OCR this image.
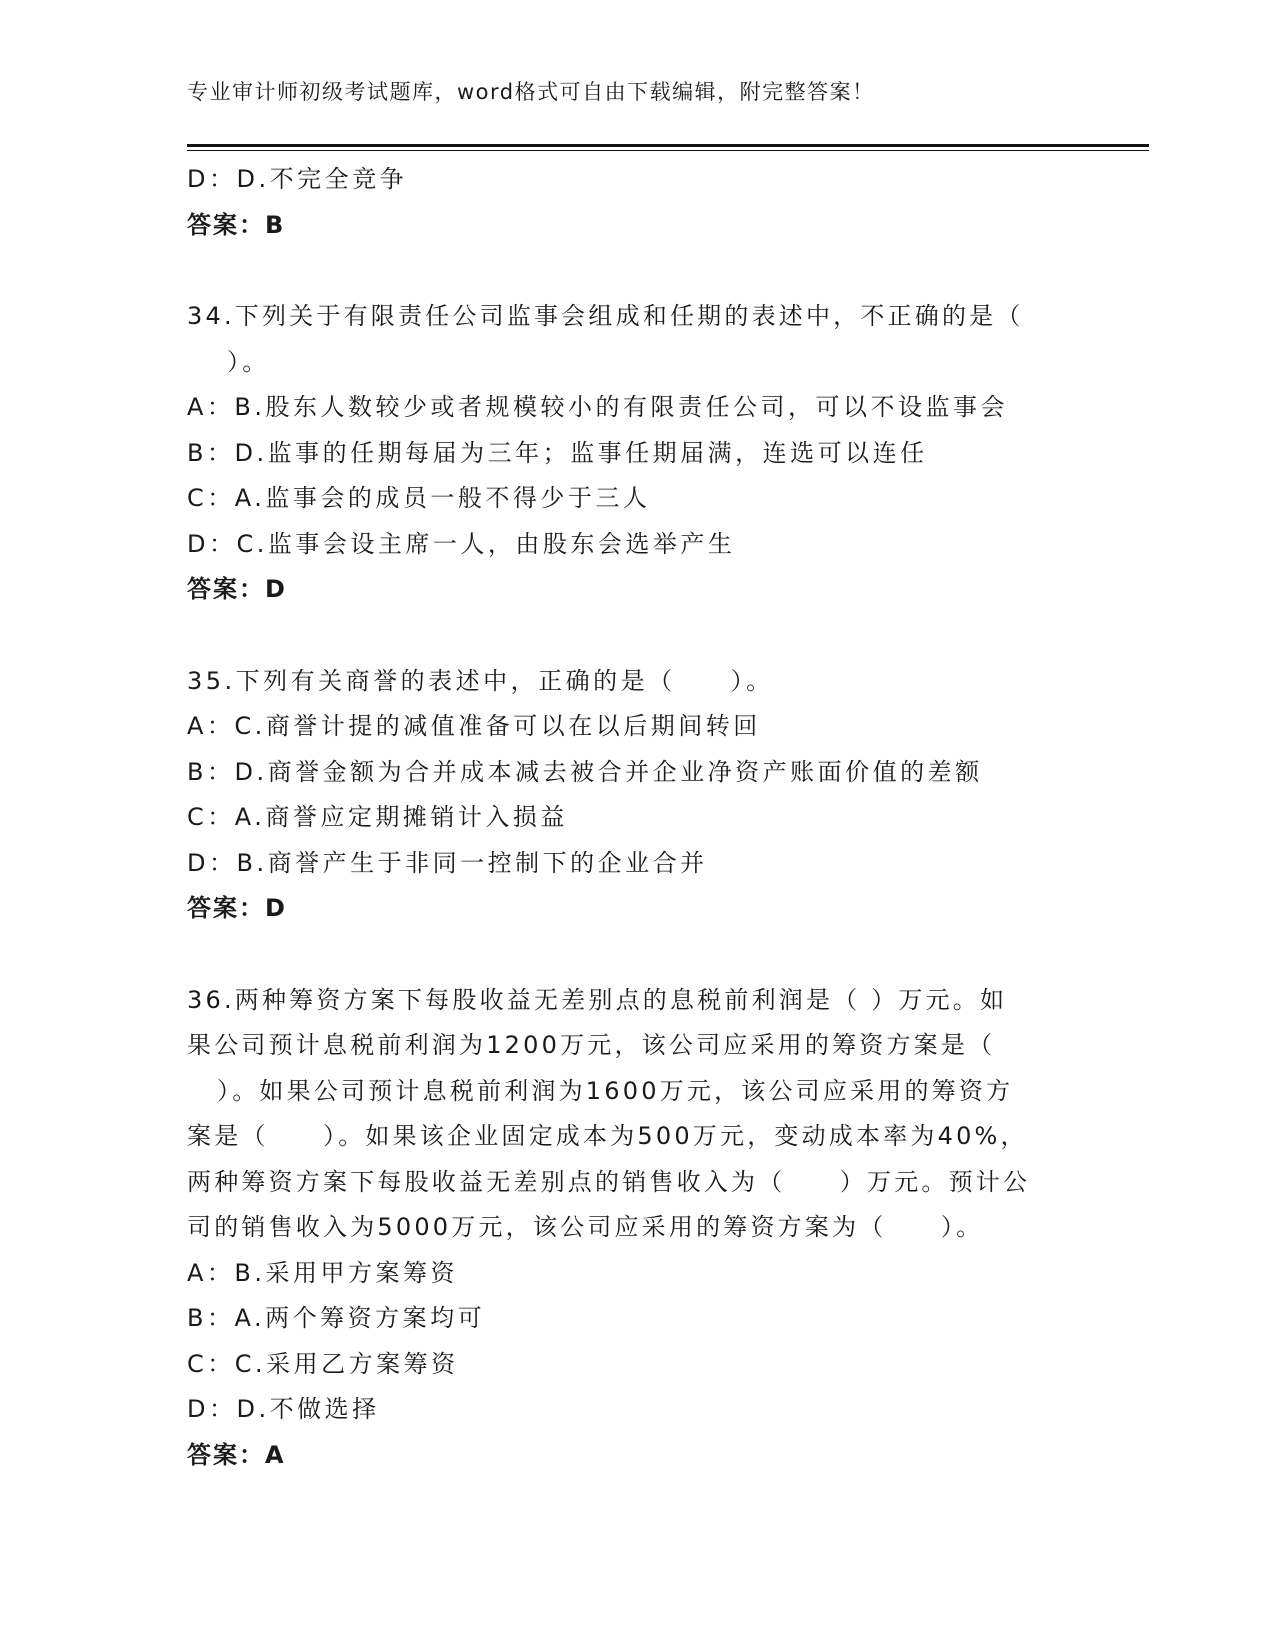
专业审计师初级考试题库，word格式可自由下载编辑，附完整答案！
D：D.不完全竞争
答案：B
34.下列关于有限责任公司监事会组成和任期的表述中，不正确的是（
）。
A：B.股东人数较少或者规模较小的有限责任公司，可以不设监事会
B：D.监事的任期每届为三年；监事任期届满，连选可以连任
C：A.监事会的成员一般不得少于三人
D：C.监事会设主席一人，由股东会选举产生
答案：D
35.下列有关商誉的表述中，正确的是（　　）。
A：C.商誉计提的减值准备可以在以后期间转回
B：D.商誉金额为合并成本减去被合并企业净资产账面价值的差额
C：A.商誉应定期摊销计入损益
D：B.商誉产生于非同一控制下的企业合并
答案：D
36.两种筹资方案下每股收益无差别点的息税前利润是（ ）万元。如
果公司预计息税前利润为1200万元，该公司应采用的筹资方案是（
）。如果公司预计息税前利润为1600万元，该公司应采用的筹资方
案是（　　）。如果该企业固定成本为500万元，变动成本率为40%，
两种筹资方案下每股收益无差别点的销售收入为（　　）万元。预计公
司的销售收入为5000万元，该公司应采用的筹资方案为（　　）。
A：B.采用甲方案筹资
B：A.两个筹资方案均可
C：C.采用乙方案筹资
D：D.不做选择
答案：A
